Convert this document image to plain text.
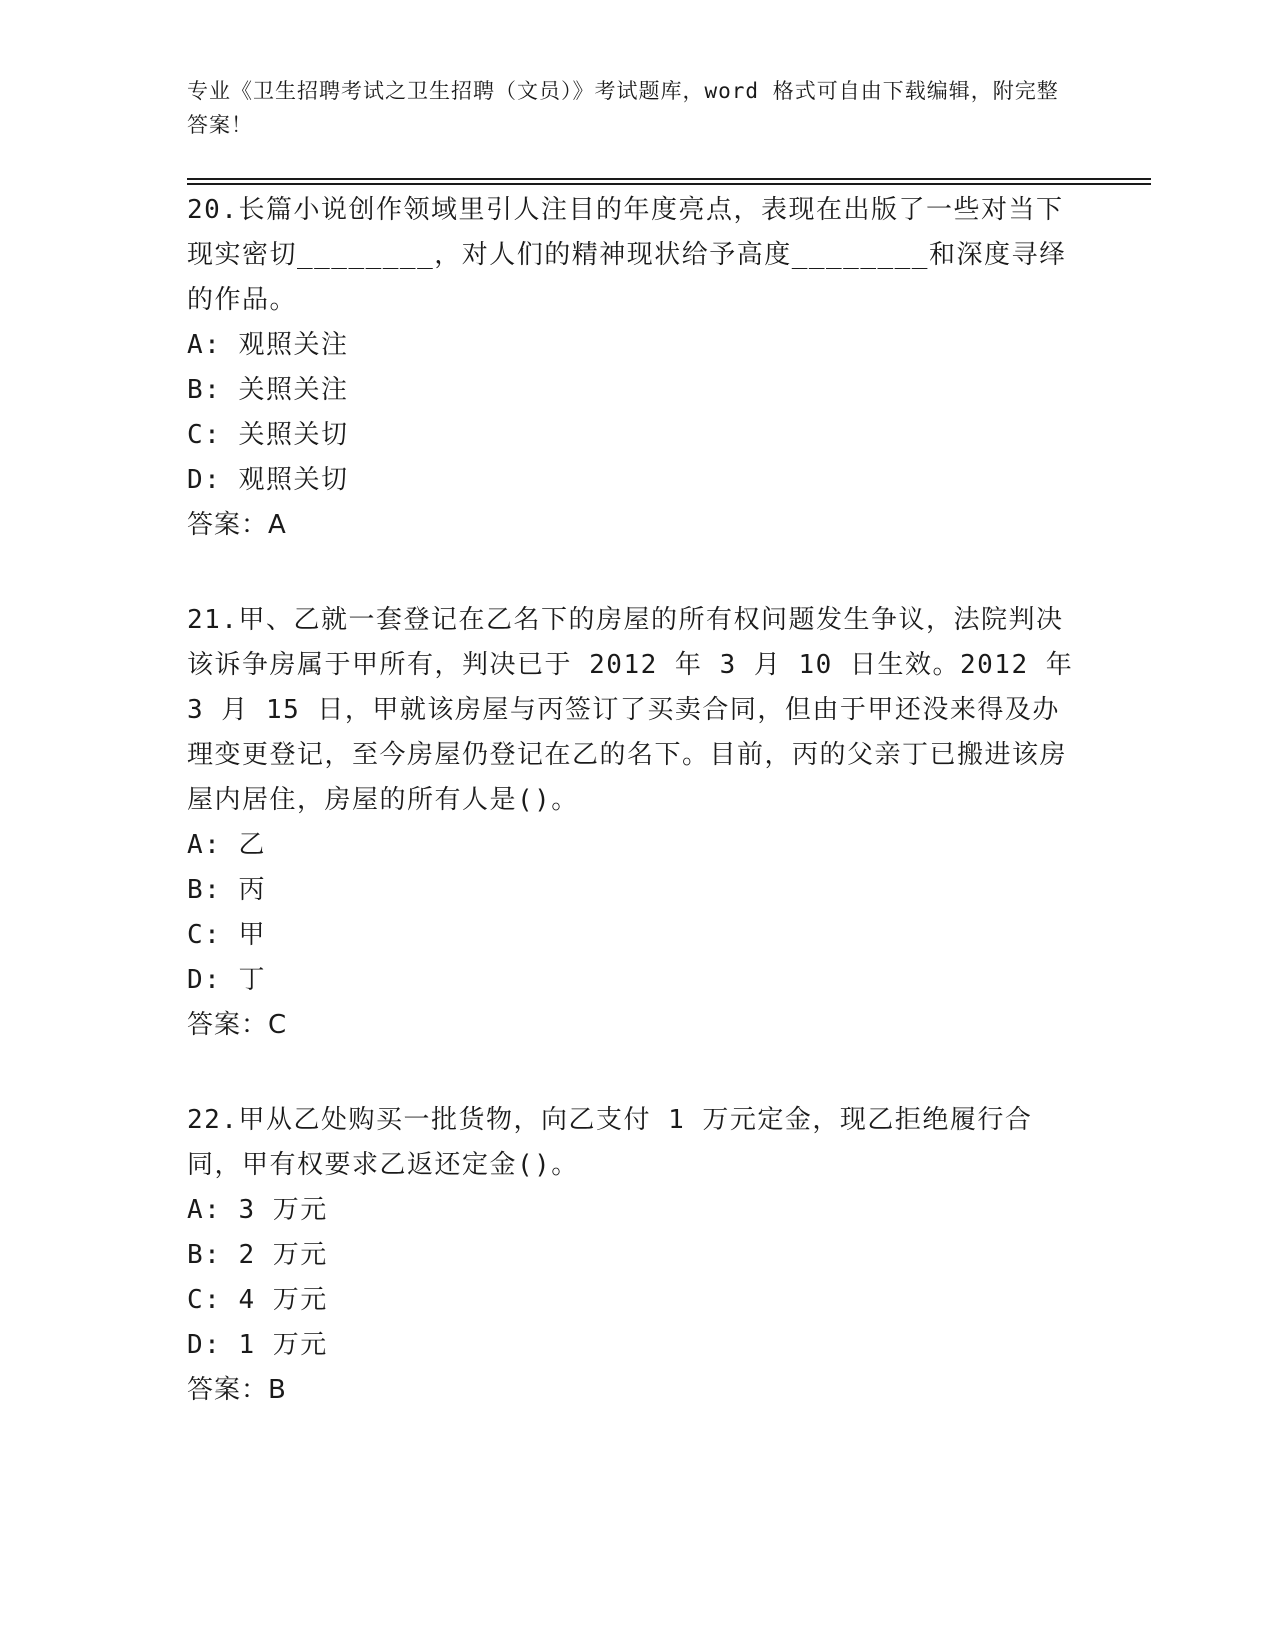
专业《卫生招聘考试之卫生招聘（文员）》考试题库，word 格式可自由下载编辑，附完整答案！

20.长篇小说创作领域里引人注目的年度亮点，表现在出版了一些对当下现实密切________，对人们的精神现状给予高度________和深度寻绎的作品。

A: 观照关注

B: 关照关注

C: 关照关切

D: 观照关切

答案：A

21.甲、乙就一套登记在乙名下的房屋的所有权问题发生争议，法院判决该诉争房属于甲所有，判决已于 2012 年 3 月 10 日生效。2012 年 3 月 15 日，甲就该房屋与丙签订了买卖合同，但由于甲还没来得及办理变更登记，至今房屋仍登记在乙的名下。目前，丙的父亲丁已搬进该房屋内居住，房屋的所有人是()。

A: 乙

B: 丙

C: 甲

D: 丁

答案：C

22.甲从乙处购买一批货物，向乙支付 1 万元定金，现乙拒绝履行合同，甲有权要求乙返还定金()。

A: 3 万元

B: 2 万元

C: 4 万元

D: 1 万元

答案：B
